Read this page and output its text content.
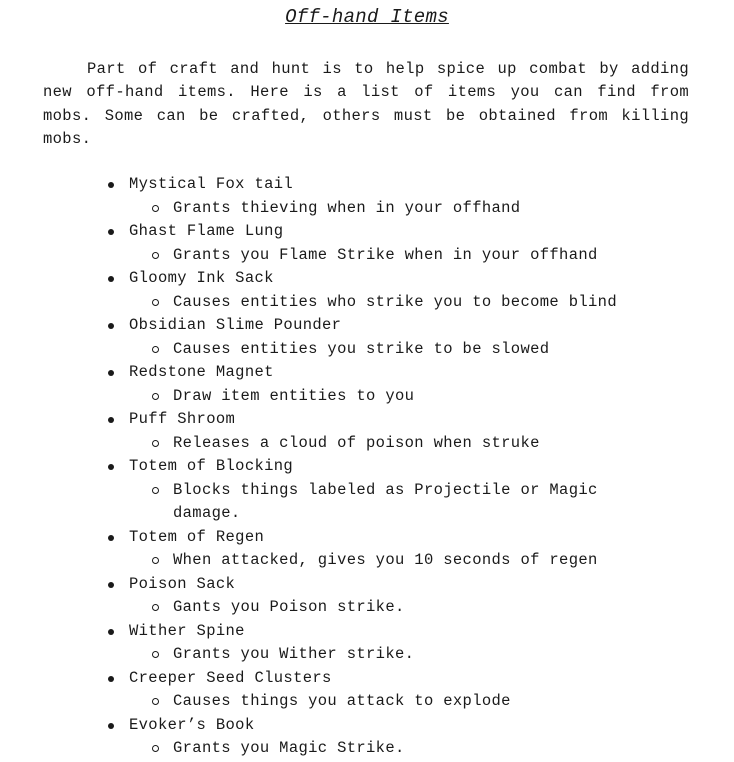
Off-hand Items

Part of craft and hunt is to help spice up combat by adding new off-hand items. Here is a list of items you can find from mobs. Some can be crafted, others must be obtained from killing mobs.

Mystical Fox tail
Grants thieving when in your offhand
Ghast Flame Lung
Grants you Flame Strike when in your offhand
Gloomy Ink Sack
Causes entities who strike you to become blind
Obsidian Slime Pounder
Causes entities you strike to be slowed
Redstone Magnet
Draw item entities to you
Puff Shroom
Releases a cloud of poison when struke
Totem of Blocking
Blocks things labeled as Projectile or Magic damage.
Totem of Regen
When attacked, gives you 10 seconds of regen
Poison Sack
Gants you Poison strike.
Wither Spine
Grants you Wither strike.
Creeper Seed Clusters
Causes things you attack to explode
Evoker’s Book
Grants you Magic Strike.
